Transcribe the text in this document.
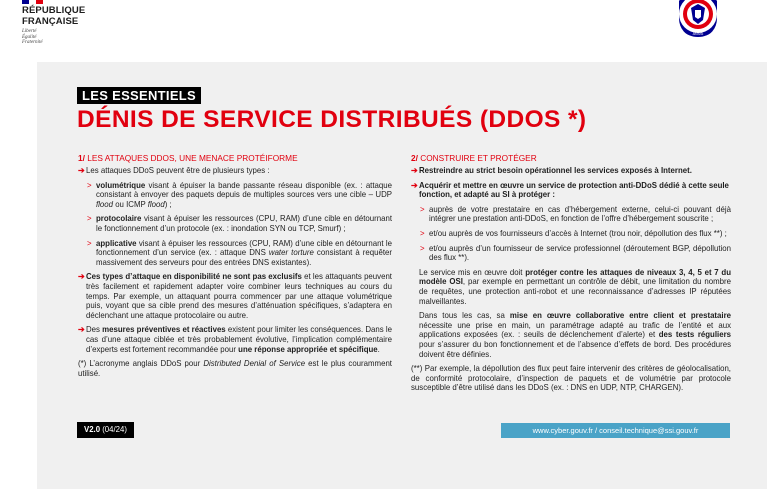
RÉPUBLIQUE
FRANÇAISE
Liberté
Égalité
Fraternité
ANSSI
LES ESSENTIELS
DÉNIS DE SERVICE DISTRIBUÉS (DDOS *)
1/ LES ATTAQUES DDOS, UNE MENACE PROTÉIFORME
➔ Les attaques DDoS peuvent être de plusieurs types :
> volumétrique visant à épuiser la bande passante réseau disponible (ex. : attaque consistant à envoyer des paquets depuis de multiples sources vers une cible – UDP flood ou ICMP flood) ;
> protocolaire visant à épuiser les ressources (CPU, RAM) d’une cible en détournant le fonctionnement d’un protocole (ex. : inondation SYN ou TCP, Smurf) ;
> applicative visant à épuiser les ressources (CPU, RAM) d’une cible en détournant le fonctionnement d’un service (ex. : attaque DNS water torture consistant à requêter massivement des serveurs pour des entrées DNS existantes).
➔ Ces types d’attaque en disponibilité ne sont pas exclusifs et les attaquants peuvent très facilement et rapidement adapter voire combiner leurs techniques au cours du temps. Par exemple, un attaquant pourra commencer par une attaque volumétrique puis, voyant que sa cible prend des mesures d’atténuation spécifiques, s’adaptera en déclenchant une attaque protocolaire ou autre.
➔ Des mesures préventives et réactives existent pour limiter les conséquences. Dans le cas d’une attaque ciblée et très probablement évolutive, l’implication complémentaire d’experts est fortement recommandée pour une réponse appropriée et spécifique.
(*) L’acronyme anglais DDoS pour Distributed Denial of Service est le plus couramment utilisé.
2/ CONSTRUIRE ET PROTÉGER
➔ Restreindre au strict besoin opérationnel les services exposés à Internet.
➔ Acquérir et mettre en œuvre un service de protection anti-DDoS dédié à cette seule fonction, et adapté au SI à protéger :
> auprès de votre prestataire en cas d’hébergement externe, celui-ci pouvant déjà intégrer une prestation anti-DDoS, en fonction de l’offre d’hébergement souscrite ;
> et/ou auprès de vos fournisseurs d’accès à Internet (trou noir, dépollution des flux **) ;
> et/ou auprès d’un fournisseur de service professionnel (déroutement BGP, dépollution des flux **).
Le service mis en œuvre doit protéger contre les attaques de niveaux 3, 4, 5 et 7 du modèle OSI, par exemple en permettant un contrôle de débit, une limitation du nombre de requêtes, une protection anti-robot et une reconnaissance d’adresses IP réputées malveillantes.
Dans tous les cas, sa mise en œuvre collaborative entre client et prestataire nécessite une prise en main, un paramétrage adapté au trafic de l’entité et aux applications exposées (ex. : seuils de déclenchement d’alerte) et des tests réguliers pour s’assurer du bon fonctionnement et de l’absence d’effets de bord. Des procédures doivent être définies.
(**) Par exemple, la dépollution des flux peut faire intervenir des critères de géolocalisation, de conformité protocolaire, d’inspection de paquets et de volumétrie par protocole susceptible d’être utilisé dans les DDoS (ex. : DNS en UDP, NTP, CHARGEN).
V2.0 (04/24)	www.cyber.gouv.fr / conseil.technique@ssi.gouv.fr
